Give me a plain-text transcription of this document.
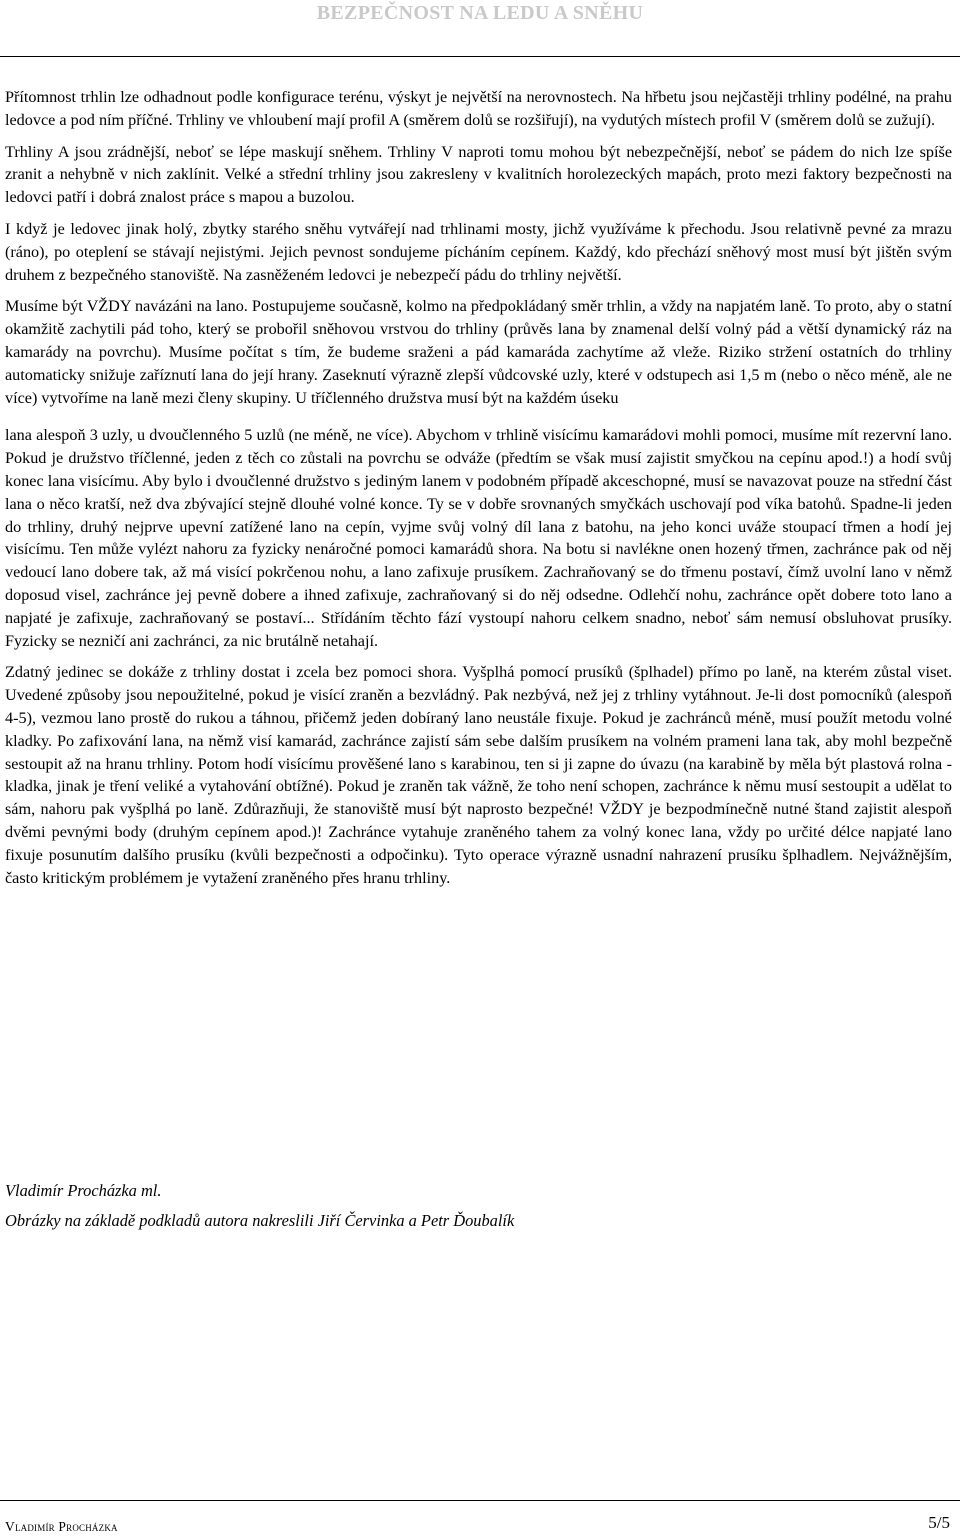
BEZPEČNOST NA LEDU A SNĚHU

Přítomnost trhlin lze odhadnout podle konfigurace terénu, výskyt je největší na nerovnostech. Na hřbetu jsou nejčastěji trhliny podélné, na prahu ledovce a pod ním příčné. Trhliny ve vhloubení mají profil A (směrem dolů se rozšiřují), na vydutých místech profil V (směrem dolů se zužují).

Trhliny A jsou zrádnější, neboť se lépe maskují sněhem. Trhliny V naproti tomu mohou být nebezpečnější, neboť se pádem do nich lze spíše zranit a nehybně v nich zaklínit. Velké a střední trhliny jsou zakresleny v kvalitních horolezeckých mapách, proto mezi faktory bezpečnosti na ledovci patří i dobrá znalost práce s mapou a buzolou.

I když je ledovec jinak holý, zbytky starého sněhu vytvářejí nad trhlinami mosty, jichž využíváme k přechodu. Jsou relativně pevné za mrazu (ráno), po oteplení se stávají nejistými. Jejich pevnost sondujeme pícháním cepínem. Každý, kdo přechází sněhový most musí být jištěn svým druhem z bezpečného stanoviště. Na zasněženém ledovci je nebezpečí pádu do trhliny největší.

Musíme být VŽDY navázáni na lano. Postupujeme současně, kolmo na předpokládaný směr trhlin, a vždy na napjatém laně. To proto, aby o statní okamžitě zachytili pád toho, který se probořil sněhovou vrstvou do trhliny (průvěs lana by znamenal delší volný pád a větší dynamický ráz na kamarády na povrchu). Musíme počítat s tím, že budeme sraženi a pád kamaráda zachytíme až vleže. Riziko stržení ostatních do trhliny automaticky snižuje zaříznutí lana do její hrany. Zaseknutí výrazně zlepší vůdcovské uzly, které v odstupech asi 1,5 m (nebo o něco méně, ale ne více) vytvoříme na laně mezi členy skupiny. U tříčlenného družstva musí být na každém úseku

lana alespoň 3 uzly, u dvoučlenného 5 uzlů (ne méně, ne více). Abychom v trhlině visícímu kamarádovi mohli pomoci, musíme mít rezervní lano. Pokud je družstvo tříčlenné, jeden z těch co zůstali na povrchu se odváže (předtím se však musí zajistit smyčkou na cepínu apod.!) a hodí svůj konec lana visícímu. Aby bylo i dvoučlenné družstvo s jediným lanem v podobném případě akceschopné, musí se navazovat pouze na střední část lana o něco kratší, než dva zbývající stejně dlouhé volné konce. Ty se v dobře srovnaných smyčkách uschovají pod víka batohů. Spadne-li jeden do trhliny, druhý nejprve upevní zatížené lano na cepín, vyjme svůj volný díl lana z batohu, na jeho konci uváže stoupací třmen a hodí jej visícímu. Ten může vylézt nahoru za fyzicky nenáročné pomoci kamarádů shora. Na botu si navlékne onen hozený třmen, zachránce pak od něj vedoucí lano dobere tak, až má visící pokrčenou nohu, a lano zafixuje prusíkem. Zachraňovaný se do třmenu postaví, čímž uvolní lano v němž doposud visel, zachránce jej pevně dobere a ihned zafixuje, zachraňovaný si do něj odsedne. Odlehčí nohu, zachránce opět dobere toto lano a napjaté je zafixuje, zachraňovaný se postaví... Střídáním těchto fází vystoupí nahoru celkem snadno, neboť sám nemusí obsluhovat prusíky. Fyzicky se nezničí ani zachránci, za nic brutálně netahají.

Zdatný jedinec se dokáže z trhliny dostat i zcela bez pomoci shora. Vyšplhá pomocí prusíků (šplhadel) přímo po laně, na kterém zůstal viset. Uvedené způsoby jsou nepoužitelné, pokud je visící zraněn a bezvládný. Pak nezbývá, než jej z trhliny vytáhnout. Je-li dost pomocníků (alespoň 4-5), vezmou lano prostě do rukou a táhnou, přičemž jeden dobíraný lano neustále fixuje. Pokud je zachránců méně, musí použít metodu volné kladky. Po zafixování lana, na němž visí kamarád, zachránce zajistí sám sebe dalším prusíkem na volném prameni lana tak, aby mohl bezpečně sestoupit až na hranu trhliny. Potom hodí visícímu prověšené lano s karabinou, ten si ji zapne do úvazu (na karabině by měla být plastová rolna - kladka, jinak je tření veliké a vytahování obtížné). Pokud je zraněn tak vážně, že toho není schopen, zachránce k němu musí sestoupit a udělat to sám, nahoru pak vyšplhá po laně. Zdůrazňuji, že stanoviště musí být naprosto bezpečné! VŽDY je bezpodmínečně nutné štand zajistit alespoň dvěmi pevnými body (druhým cepínem apod.)! Zachránce vytahuje zraněného tahem za volný konec lana, vždy po určité délce napjaté lano fixuje posunutím dalšího prusíku (kvůli bezpečnosti a odpočinku). Tyto operace výrazně usnadní nahrazení prusíku šplhadlem. Nejvážnějším, často kritickým problémem je vytažení zraněného přes hranu trhliny.

Vladimír Procházka ml.
Obrázky na základě podkladů autora nakreslili Jiří Červinka a Petr Ďoubalík
Vladimír Procházka	5/5
